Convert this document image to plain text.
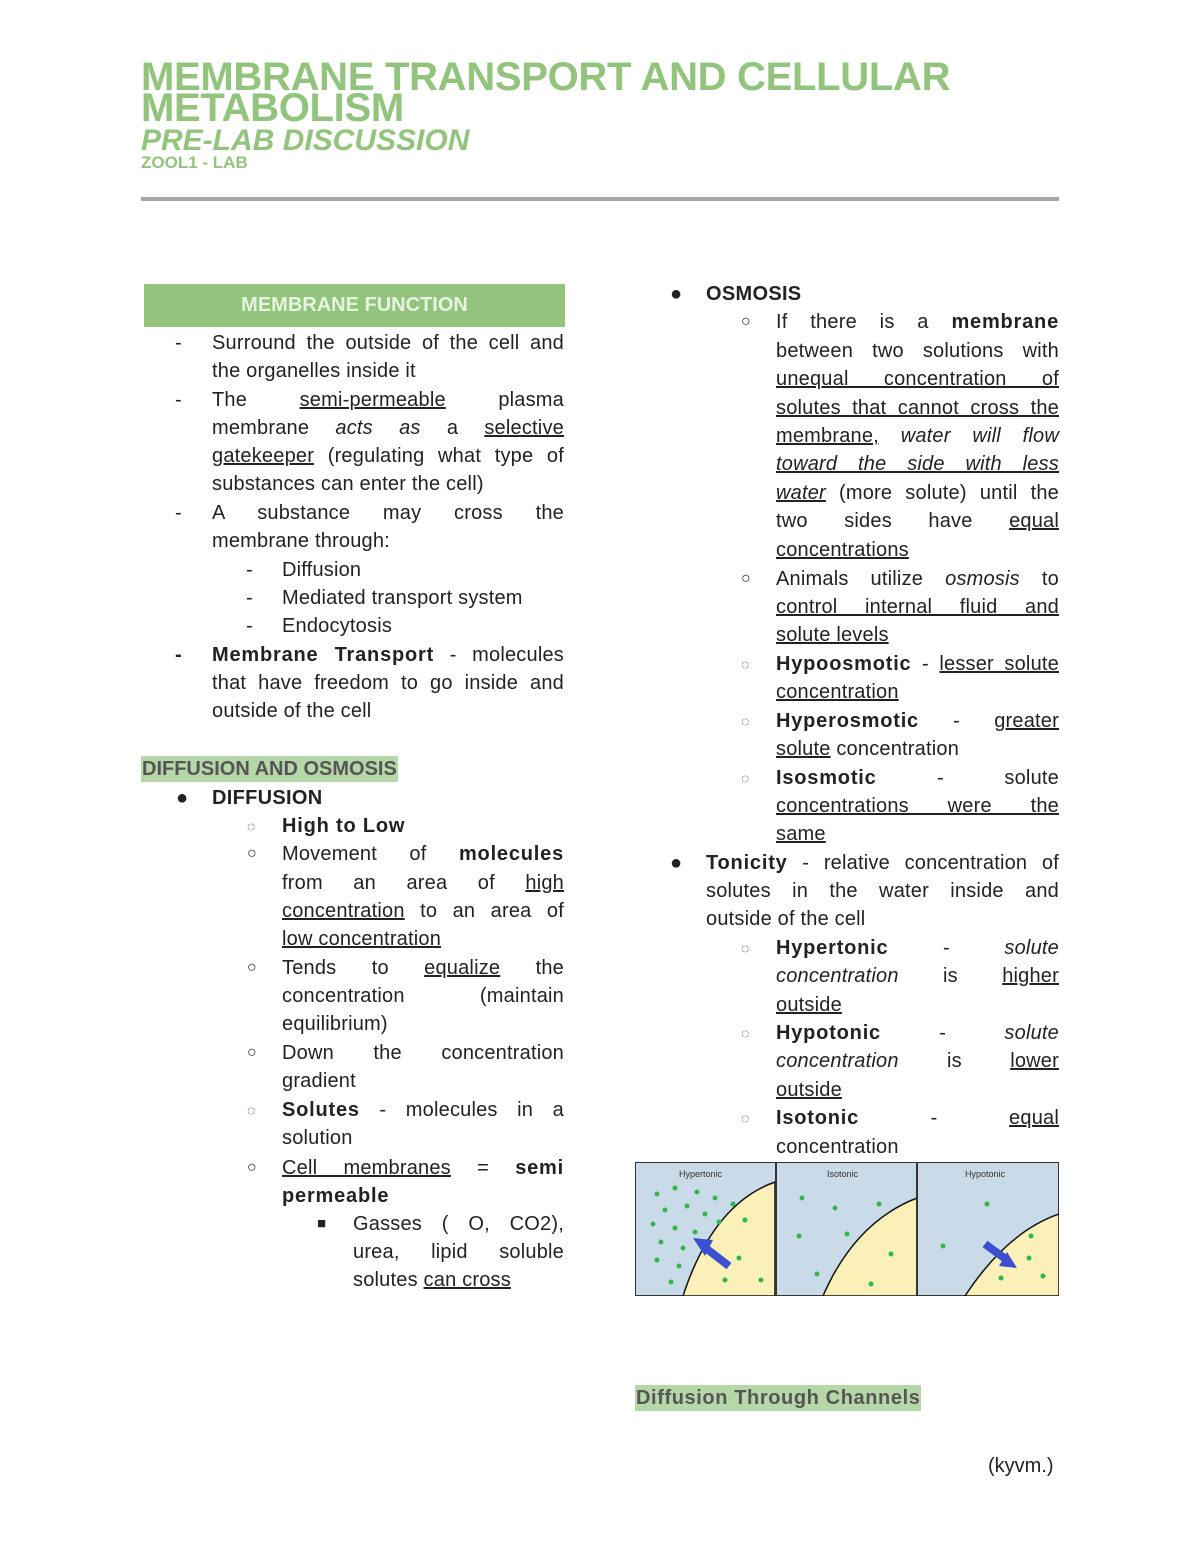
MEMBRANE TRANSPORT AND CELLULAR METABOLISM
PRE-LAB DISCUSSION
ZOOL1 - LAB
MEMBRANE FUNCTION
- Surround the outside of the cell and
the organelles inside it
- The	semi-permeable	plasma
membrane acts as a selective
gatekeeper (regulating what type of
substances can enter the cell)
- A substance may cross the
membrane through:
- Diffusion
- Mediated transport system
- Endocytosis
- Membrane Transport - molecules
that have freedom to go inside and
outside of the cell
DIFFUSION AND OSMOSIS
● DIFFUSION
◌ High to Low
○ Movement of molecules
from an area of high
concentration to an area of
low concentration
○ Tends to equalize the
concentration (maintain
equilibrium)
○ Down the concentration
gradient
◌ Solutes - molecules in a
solution
○ Cell membranes = semi
permeable
■ Gasses ( O, CO2),
urea, lipid soluble
solutes can cross
● OSMOSIS
○ If there is a membrane
between two solutions with
unequal concentration of
solutes that cannot cross the
membrane, water will flow
toward the side with less
water (more solute) until the
two sides have equal
concentrations
○ Animals utilize osmosis to
control internal fluid and
solute levels
◌ Hypoosmotic - lesser solute
concentration
◌ Hyperosmotic - greater
solute concentration
◌ Isosmotic	-	solute
concentrations were the
same
● Tonicity - relative concentration of
solutes in the water inside and
outside of the cell
◌ Hypertonic	-	solute
concentration is higher
outside
◌ Hypotonic	-	solute
concentration is lower
outside
◌ Isotonic	-	equal
concentration
Hypertonic	Isotonic	Hypotonic
Diffusion Through Channels
(kyvm.)
